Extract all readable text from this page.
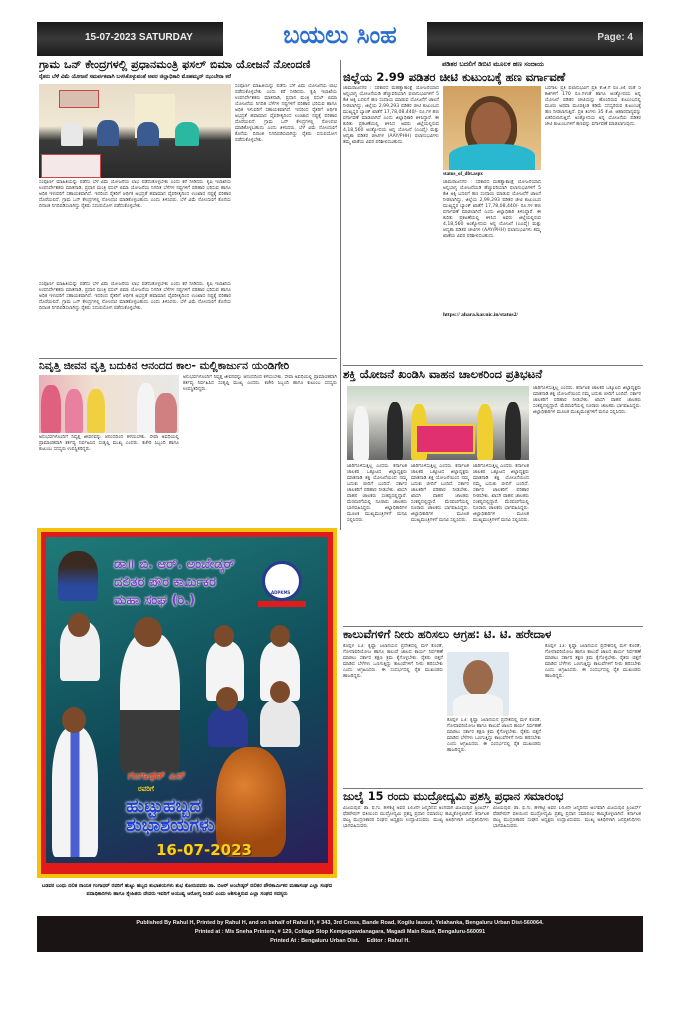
15-07-2023 SATURDAY	ಬಯಲು ಸಿಂಹ	Page: 4
ಗ್ರಾಮ ಒನ್ ಕೇಂದ್ರಗಳಲ್ಲಿ ಪ್ರಧಾನಮಂತ್ರಿ ಫಸಲ್ ಬಿಮಾ ಯೋಜನೆ ನೋಂದಣಿ
ರೈತರು ಬೆಳೆ ವಿಮೆ ಯೋಜನೆ ಸಮರ್ಪಕವಾಗಿ ಬಳಸಿಕೊಳ್ಳುವಂತೆ ಅಪರ ಜಿಲ್ಲಾಧಿಕಾರಿ ಮೊಹಮ್ಮದ್ ಝುಬೇರಾ ಕರೆ
ಸಂಪೂರ್ಣ ಮಾಹಿತಿಯನ್ನು ಪಡೆದು ಬೆಳೆ ವಿಮೆ ಯೋಜನೆಯ ಲಾಭ ಪಡೆದುಕೊಳ್ಳಬೇಕು ಎಂದು ಕರೆ ನೀಡಿದರು. ಕೃಷಿ ಇಲಾಖೆಯ ಉಪನಿರ್ದೇಶಕರು ಮಾತನಾಡಿ, ಪ್ರಧಾನ ಮಂತ್ರಿ ಫಸಲ್ ಬಿಮಾ ಯೋಜನೆಯ ನಿಗದಿತ ಬೆಳೆಗಳ ನಷ್ಟಗಳಿಗೆ ಪರಿಹಾರ ಭರಿಸುವ ಹಾಗೂ ಅಧಿಕ ಇಳುವರಿಗೆ ಸಹಾಯಕವಾಗಿದೆ. ಇದರಿಂದ ರೈತರಿಗೆ ಆರ್ಥಿಕ ಅಭದ್ರತೆ ಹವಾಮಾನ ವೈಪರೀತ್ಯದಿಂದ ಉಂಟಾದ ನಷ್ಟಕ್ಕೆ ಪರಿಹಾರ ದೊರೆಯಲಿದೆ. ಗ್ರಾಮ ಒನ್ ಕೇಂದ್ರಗಳಲ್ಲಿ ನೋಂದಣಿ ಮಾಡಿಕೊಳ್ಳಬಹುದು ಎಂದು ತಿಳಿಸಿದರು. ಬೆಳೆ ವಿಮೆ ನೋಂದಣಿಗೆ ಕೊನೆಯ ದಿನಾಂಕ ನಿಗದಿಪಡಿಸಲಾಗಿದ್ದು ರೈತರು ಸದುಪಯೋಗ ಪಡೆದುಕೊಳ್ಳಬೇಕು.
ಸಂಪೂರ್ಣ ಮಾಹಿತಿಯನ್ನು ಪಡೆದು ಬೆಳೆ ವಿಮೆ ಯೋಜನೆಯ ಲಾಭ ಪಡೆದುಕೊಳ್ಳಬೇಕು ಎಂದು ಕರೆ ನೀಡಿದರು. ಕೃಷಿ ಇಲಾಖೆಯ ಉಪನಿರ್ದೇಶಕರು ಮಾತನಾಡಿ, ಪ್ರಧಾನ ಮಂತ್ರಿ ಫಸಲ್ ಬಿಮಾ ಯೋಜನೆಯ ನಿಗದಿತ ಬೆಳೆಗಳ ನಷ್ಟಗಳಿಗೆ ಪರಿಹಾರ ಭರಿಸುವ ಹಾಗೂ ಅಧಿಕ ಇಳುವರಿಗೆ ಸಹಾಯಕವಾಗಿದೆ. ಇದರಿಂದ ರೈತರಿಗೆ ಆರ್ಥಿಕ ಅಭದ್ರತೆ ಹವಾಮಾನ ವೈಪರೀತ್ಯದಿಂದ ಉಂಟಾದ ನಷ್ಟಕ್ಕೆ ಪರಿಹಾರ ದೊರೆಯಲಿದೆ. ಗ್ರಾಮ ಒನ್ ಕೇಂದ್ರಗಳಲ್ಲಿ ನೋಂದಣಿ ಮಾಡಿಕೊಳ್ಳಬಹುದು ಎಂದು ತಿಳಿಸಿದರು. ಬೆಳೆ ವಿಮೆ ನೋಂದಣಿಗೆ ಕೊನೆಯ ದಿನಾಂಕ ನಿಗದಿಪಡಿಸಲಾಗಿದ್ದು ರೈತರು ಸದುಪಯೋಗ ಪಡೆದುಕೊಳ್ಳಬೇಕು.
ಸಂಪೂರ್ಣ ಮಾಹಿತಿಯನ್ನು ಪಡೆದು ಬೆಳೆ ವಿಮೆ ಯೋಜನೆಯ ಲಾಭ ಪಡೆದುಕೊಳ್ಳಬೇಕು ಎಂದು ಕರೆ ನೀಡಿದರು. ಕೃಷಿ ಇಲಾಖೆಯ ಉಪನಿರ್ದೇಶಕರು ಮಾತನಾಡಿ, ಪ್ರಧಾನ ಮಂತ್ರಿ ಫಸಲ್ ಬಿಮಾ ಯೋಜನೆಯ ನಿಗದಿತ ಬೆಳೆಗಳ ನಷ್ಟಗಳಿಗೆ ಪರಿಹಾರ ಭರಿಸುವ ಹಾಗೂ ಅಧಿಕ ಇಳುವರಿಗೆ ಸಹಾಯಕವಾಗಿದೆ. ಇದರಿಂದ ರೈತರಿಗೆ ಆರ್ಥಿಕ ಅಭದ್ರತೆ ಹವಾಮಾನ ವೈಪರೀತ್ಯದಿಂದ ಉಂಟಾದ ನಷ್ಟಕ್ಕೆ ಪರಿಹಾರ ದೊರೆಯಲಿದೆ. ಗ್ರಾಮ ಒನ್ ಕೇಂದ್ರಗಳಲ್ಲಿ ನೋಂದಣಿ ಮಾಡಿಕೊಳ್ಳಬಹುದು ಎಂದು ತಿಳಿಸಿದರು. ಬೆಳೆ ವಿಮೆ ನೋಂದಣಿಗೆ ಕೊನೆಯ ದಿನಾಂಕ ನಿಗದಿಪಡಿಸಲಾಗಿದ್ದು ರೈತರು ಸದುಪಯೋಗ ಪಡೆದುಕೊಳ್ಳಬೇಕು.
ನಿವೃತ್ತಿ ಜೀವನ ವೃತ್ತಿ ಬದುಕಿನ ಆನಂದದ ಕಾಲ- ಮಲ್ಲಿಕಾರ್ಜುನ ಯಂಡಿಗೇರಿ
ಅನುಭವಗಳೊಂದಿಗೆ ನಿವೃತ್ತ ಜೀವನವನ್ನು ಆನಂದದಿಂದ ಕಳೆಯಬೇಕು. ಸೇವಾ ಅವಧಿಯಲ್ಲಿ ಪ್ರಾಮಾಣಿಕವಾಗಿ ಕರ್ತವ್ಯ ನಿರ್ವಹಿಸಿದ ಸಂತೃಪ್ತಿ ಮುಖ್ಯ ಎಂದರು. ಕಚೇರಿ ಸಿಬ್ಬಂದಿ ಹಾಗೂ ಕುಟುಂಬ ಸದಸ್ಯರು ಉಪಸ್ಥಿತರಿದ್ದರು.
ಅನುಭವಗಳೊಂದಿಗೆ ನಿವೃತ್ತ ಜೀವನವನ್ನು ಆನಂದದಿಂದ ಕಳೆಯಬೇಕು. ಸೇವಾ ಅವಧಿಯಲ್ಲಿ ಪ್ರಾಮಾಣಿಕವಾಗಿ ಕರ್ತವ್ಯ ನಿರ್ವಹಿಸಿದ ಸಂತೃಪ್ತಿ ಮುಖ್ಯ ಎಂದರು. ಕಚೇರಿ ಸಿಬ್ಬಂದಿ ಹಾಗೂ ಕುಟುಂಬ ಸದಸ್ಯರು ಉಪಸ್ಥಿತರಿದ್ದರು.
ಡಾ॥ ಬಿ. ಆರ್. ಅಂಬೇಡ್ಕರ್
ದಲಿತರ ಪೌರ ಕಾರ್ಮಿಕರ
ಮಹಾ ಸಂಘ (ರಿ.)
ADPKMS
ಗಂಗಾಧರ್ ಎನ್
ರವರಿಗೆ
ಹುಟ್ಟುಹಬ್ಬದ ಶುಭಾಶಯಗಳು
16-07-2023
ಬಡವರ ಬಂಧು ದಲಿತ ನಾಯಕ ಗಂಗಾಧರ್ ರವರಿಗೆ ಹುಟ್ಟು ಹಬ್ಬದ ಶುಭಾಶಯಗಳು ಶುಭ ಕೋರುವವರು ಡಾ. ಬಿಆರ್ ಅಂಬೇಡ್ಕರ್ ದಲಿತರ ಪೌರಕಾರ್ಮಿಕರ ಮಹಾಸಂಘ ಎಲ್ಲಾ ಸಂಘದ ಪದಾಧಿಕಾರಿಗಳು ಹಾಗೂ ಸ್ನೇಹಿತರು ದೇವರು ಇವರಿಗೆ ಆಯುಷ್ಯ ಆರೋಗ್ಯ ನೀಡಲಿ ಎಂದು ಆಶಿಸುತ್ತಿರುವ ಎಲ್ಲಾ ಸಂಘದ ಸದಸ್ಯರು
ಪಡಿತರ ಬದಲಿಗೆ ಡಿಬಿಟಿ ಮೂಲಕ ಹಣ ಸಂದಾಯ
ಜಿಲ್ಲೆಯ 2.99 ಪಡಿತರ ಚೀಟಿ ಕುಟುಂಬಕ್ಕೆ ಹಣ ವರ್ಗಾವಣೆ
ಚಾಮರಾಜನಗರ : ಸರಕಾರದ ಮಹತ್ವಾಕಾಂಕ್ಷೆ ಯೋಜನೆಯಾದ ಅನ್ನಭಾಗ್ಯ ಯೋಜನೆಯಡಿ ಹೆಚ್ಚುವರಿಯಾಗಿ ಫಲಾನುಭವಿಗಳಿಗೆ 5 ಕೆಜಿ ಅಕ್ಕಿ ಬದಲಿಗೆ ಹಣ ಸಂದಾಯ ಮಾಡುವ ಯೋಜನೆಗೆ ಚಾಲನೆ ನೀಡಲಾಗಿದ್ದು, ಜಿಲ್ಲೆಯ 2,99,293 ಪಡಿತರ ಚೀಟಿ ಕುಟುಂಬದ ಮುಖ್ಯಸ್ಥರ ಬ್ಯಾಂಕ್ ಖಾತೆಗೆ 17,78,08,440/- ರೂ.ಗಳ ಹಣ ವರ್ಗಾವಣೆ ಮಾಡಲಾಗಿದೆ ಎಂದು ಜಿಲ್ಲಾಧಿಕಾರಿ ತಿಳಿಸಿದ್ದಾರೆ. ಈ ಕುರಿತು ಪ್ರಕಟಣೆಯಲ್ಲಿ ತಿಳಿಸಿದ ಅವರು ಜಿಲ್ಲೆಯಲ್ಲಿರುವ 4,18,560 ಅಂತ್ಯೋದಯ ಅನ್ನ ಯೋಜನೆ (ಎಎವೈ) ಮತ್ತು ಆದ್ಯತಾ ಪಡಿತರ ಚೀಟಿಗಳ (AAY/PHH) ಫಲಾನುಭವಿಗಳು ತಮ್ಮ ಖಾತೆಯ ವಿವರ ಪರಿಶೀಲಿಸಬಹುದು.
status_of_dbt.aspx
ಚಾಮರಾಜನಗರ : ಸರಕಾರದ ಮಹತ್ವಾಕಾಂಕ್ಷೆ ಯೋಜನೆಯಾದ ಅನ್ನಭಾಗ್ಯ ಯೋಜನೆಯಡಿ ಹೆಚ್ಚುವರಿಯಾಗಿ ಫಲಾನುಭವಿಗಳಿಗೆ 5 ಕೆಜಿ ಅಕ್ಕಿ ಬದಲಿಗೆ ಹಣ ಸಂದಾಯ ಮಾಡುವ ಯೋಜನೆಗೆ ಚಾಲನೆ ನೀಡಲಾಗಿದ್ದು, ಜಿಲ್ಲೆಯ 2,99,293 ಪಡಿತರ ಚೀಟಿ ಕುಟುಂಬದ ಮುಖ್ಯಸ್ಥರ ಬ್ಯಾಂಕ್ ಖಾತೆಗೆ 17,78,08,440/- ರೂ.ಗಳ ಹಣ ವರ್ಗಾವಣೆ ಮಾಡಲಾಗಿದೆ ಎಂದು ಜಿಲ್ಲಾಧಿಕಾರಿ ತಿಳಿಸಿದ್ದಾರೆ. ಈ ಕುರಿತು ಪ್ರಕಟಣೆಯಲ್ಲಿ ತಿಳಿಸಿದ ಅವರು ಜಿಲ್ಲೆಯಲ್ಲಿರುವ 4,18,560 ಅಂತ್ಯೋದಯ ಅನ್ನ ಯೋಜನೆ (ಎಎವೈ) ಮತ್ತು ಆದ್ಯತಾ ಪಡಿತರ ಚೀಟಿಗಳ (AAY/PHH) ಫಲಾನುಭವಿಗಳು ತಮ್ಮ ಖಾತೆಯ ವಿವರ ಪರಿಶೀಲಿಸಬಹುದು.
https:// ahara.kar.nic.in/status2/
ಬರಗಾಲ ಪ್ರತಿ ಫಲಾನುಭವಿಗೆ ಪ್ರತಿ ಕೆ.ಜಿ.ಗೆ ರೂ.34 ರಂತೆ 5 ಕಜಿಗಳಿಗೆ 170 ರೂ.ಗಳಂತೆ ಹಾಗೂ ಅಂತ್ಯೋದಯ ಅನ್ನ ಯೋಜನೆ ಪಡಿತರ ಚೀಟಿಯನ್ನು ಹೊಂದಿರುವ ಕುಟುಂಬದಲ್ಲಿ ಮೂರು ಅಥವಾ ಮೂರಕ್ಕಿಂತ ಕಡಿಮೆ ಸದಸ್ಯರಿರುವ ಕುಟುಂಬಕ್ಕೆ ಹಣ ನೀಡಲಾಗುತ್ತಿದೆ. ಪ್ರತಿ ತಿಂಗಳು 35 ಕೆ.ಜಿ. ಆಹಾರಧಾನ್ಯವನ್ನು ವಿತರಿಸಲಾಗುತ್ತಿದೆ. ಅಂತ್ಯೋದಯ ಅನ್ನ ಯೋಜನೆಯ ಪಡಿತರ ಚೀಟಿ ಕುಟುಂಬಗಳಿಗೆ ಹಣವನ್ನು ವರ್ಗಾವಣೆ ಮಾಡಲಾಗುವುದು.
ಶಕ್ತಿ ಯೋಜನೆ ಖಂಡಿಸಿ ವಾಹನ ಚಾಲಕರಿಂದ ಪ್ರತಿಭಟನೆ
ಜಾರಿಗೊಳಿಸುತ್ತಿಲ್ಲ ಎಂದರು. ಕರ್ನಾಟಕ ಚಾಲಕರ ಒಕ್ಕೂಟದ ಜಿಲ್ಲಾಧ್ಯಕ್ಷರು ಮಾತನಾಡಿ ಶಕ್ತಿ ಯೋಜನೆಯಿಂದ ನಮ್ಮ ಬದುಕು ಬೀದಿಗೆ ಬಂದಿದೆ. ಸರ್ಕಾರ ಚಾಲಕರಿಗೆ ಪರಿಹಾರ ನೀಡಬೇಕು. ಖಾಸಗಿ ವಾಹನ ಚಾಲಕರು ಸಂಕಷ್ಟದಲ್ಲಿದ್ದಾರೆ. ಮೆರವಣಿಗೆಯಲ್ಲಿ ನೂರಾರು ಚಾಲಕರು ಭಾಗವಹಿಸಿದ್ದರು. ಜಿಲ್ಲಾಧಿಕಾರಿಗಳ ಮೂಲಕ ಮುಖ್ಯಮಂತ್ರಿಗಳಿಗೆ ಮನವಿ ಸಲ್ಲಿಸಿದರು.
ಜಾರಿಗೊಳಿಸುತ್ತಿಲ್ಲ ಎಂದರು. ಕರ್ನಾಟಕ ಚಾಲಕರ ಒಕ್ಕೂಟದ ಜಿಲ್ಲಾಧ್ಯಕ್ಷರು ಮಾತನಾಡಿ ಶಕ್ತಿ ಯೋಜನೆಯಿಂದ ನಮ್ಮ ಬದುಕು ಬೀದಿಗೆ ಬಂದಿದೆ. ಸರ್ಕಾರ ಚಾಲಕರಿಗೆ ಪರಿಹಾರ ನೀಡಬೇಕು. ಖಾಸಗಿ ವಾಹನ ಚಾಲಕರು ಸಂಕಷ್ಟದಲ್ಲಿದ್ದಾರೆ. ಮೆರವಣಿಗೆಯಲ್ಲಿ ನೂರಾರು ಚಾಲಕರು ಭಾಗವಹಿಸಿದ್ದರು. ಜಿಲ್ಲಾಧಿಕಾರಿಗಳ ಮೂಲಕ ಮುಖ್ಯಮಂತ್ರಿಗಳಿಗೆ ಮನವಿ ಸಲ್ಲಿಸಿದರು.
ಜಾರಿಗೊಳಿಸುತ್ತಿಲ್ಲ ಎಂದರು. ಕರ್ನಾಟಕ ಚಾಲಕರ ಒಕ್ಕೂಟದ ಜಿಲ್ಲಾಧ್ಯಕ್ಷರು ಮಾತನಾಡಿ ಶಕ್ತಿ ಯೋಜನೆಯಿಂದ ನಮ್ಮ ಬದುಕು ಬೀದಿಗೆ ಬಂದಿದೆ. ಸರ್ಕಾರ ಚಾಲಕರಿಗೆ ಪರಿಹಾರ ನೀಡಬೇಕು. ಖಾಸಗಿ ವಾಹನ ಚಾಲಕರು ಸಂಕಷ್ಟದಲ್ಲಿದ್ದಾರೆ. ಮೆರವಣಿಗೆಯಲ್ಲಿ ನೂರಾರು ಚಾಲಕರು ಭಾಗವಹಿಸಿದ್ದರು. ಜಿಲ್ಲಾಧಿಕಾರಿಗಳ ಮೂಲಕ ಮುಖ್ಯಮಂತ್ರಿಗಳಿಗೆ ಮನವಿ ಸಲ್ಲಿಸಿದರು.
ಜಾರಿಗೊಳಿಸುತ್ತಿಲ್ಲ ಎಂದರು. ಕರ್ನಾಟಕ ಚಾಲಕರ ಒಕ್ಕೂಟದ ಜಿಲ್ಲಾಧ್ಯಕ್ಷರು ಮಾತನಾಡಿ ಶಕ್ತಿ ಯೋಜನೆಯಿಂದ ನಮ್ಮ ಬದುಕು ಬೀದಿಗೆ ಬಂದಿದೆ. ಸರ್ಕಾರ ಚಾಲಕರಿಗೆ ಪರಿಹಾರ ನೀಡಬೇಕು. ಖಾಸಗಿ ವಾಹನ ಚಾಲಕರು ಸಂಕಷ್ಟದಲ್ಲಿದ್ದಾರೆ. ಮೆರವಣಿಗೆಯಲ್ಲಿ ನೂರಾರು ಚಾಲಕರು ಭಾಗವಹಿಸಿದ್ದರು. ಜಿಲ್ಲಾಧಿಕಾರಿಗಳ ಮೂಲಕ ಮುಖ್ಯಮಂತ್ರಿಗಳಿಗೆ ಮನವಿ ಸಲ್ಲಿಸಿದರು.
ಕಾಲುವೆಗಳಿಗೆ ನೀರು ಹರಿಸಲು ಆಗ್ರಹ: ಟಿ. ಟಿ. ಹರೇದಾಳ
ಕೊಪ್ಪಳ 13: ಕೃಷ್ಣಾ ಜಲಾನಯನ ಪ್ರದೇಶದಲ್ಲಿ ಮಳೆ ಕೊರತೆ, ಗೋದಾವರಿಯೋಜ ಹಾಗೂ ಕಾಲುವೆ ಜಾಲದ ಕಾರ್ಯ ನಿರ್ವಹಣೆ ಮಾಡಲು ಸರ್ಕಾರ ತಕ್ಷಣ ಕ್ರಮ ಕೈಗೊಳ್ಳಬೇಕು. ರೈತರು ಬಿತ್ತನೆ ಮಾಡಿದ ಬೆಳೆಗಳು ಒಣಗುತ್ತಿದ್ದು ಕಾಲುವೆಗಳಿಗೆ ನೀರು ಹರಿಸಬೇಕು ಎಂದು ಆಗ್ರಹಿಸಿದರು. ಈ ಸಂದರ್ಭದಲ್ಲಿ ರೈತ ಮುಖಂಡರು ಹಾಜರಿದ್ದರು.
ಕೊಪ್ಪಳ 13: ಕೃಷ್ಣಾ ಜಲಾನಯನ ಪ್ರದೇಶದಲ್ಲಿ ಮಳೆ ಕೊರತೆ, ಗೋದಾವರಿಯೋಜ ಹಾಗೂ ಕಾಲುವೆ ಜಾಲದ ಕಾರ್ಯ ನಿರ್ವಹಣೆ ಮಾಡಲು ಸರ್ಕಾರ ತಕ್ಷಣ ಕ್ರಮ ಕೈಗೊಳ್ಳಬೇಕು. ರೈತರು ಬಿತ್ತನೆ ಮಾಡಿದ ಬೆಳೆಗಳು ಒಣಗುತ್ತಿದ್ದು ಕಾಲುವೆಗಳಿಗೆ ನೀರು ಹರಿಸಬೇಕು ಎಂದು ಆಗ್ರಹಿಸಿದರು. ಈ ಸಂದರ್ಭದಲ್ಲಿ ರೈತ ಮುಖಂಡರು ಹಾಜರಿದ್ದರು.
ಕೊಪ್ಪಳ 13: ಕೃಷ್ಣಾ ಜಲಾನಯನ ಪ್ರದೇಶದಲ್ಲಿ ಮಳೆ ಕೊರತೆ, ಗೋದಾವರಿಯೋಜ ಹಾಗೂ ಕಾಲುವೆ ಜಾಲದ ಕಾರ್ಯ ನಿರ್ವಹಣೆ ಮಾಡಲು ಸರ್ಕಾರ ತಕ್ಷಣ ಕ್ರಮ ಕೈಗೊಳ್ಳಬೇಕು. ರೈತರು ಬಿತ್ತನೆ ಮಾಡಿದ ಬೆಳೆಗಳು ಒಣಗುತ್ತಿದ್ದು ಕಾಲುವೆಗಳಿಗೆ ನೀರು ಹರಿಸಬೇಕು ಎಂದು ಆಗ್ರಹಿಸಿದರು. ಈ ಸಂದರ್ಭದಲ್ಲಿ ರೈತ ಮುಖಂಡರು ಹಾಜರಿದ್ದರು.
ಜುಲೈ 15 ರಂದು ಮುದ್ರೋದ್ಯಮಿ ಪ್ರಶಸ್ತಿ ಪ್ರಧಾನ ಸಮಾರಂಭ
ವಿಜಯಪುರ: ಡಾ. ಫ.ಗು. ಹಳಕಟ್ಟಿ ಅವರ 143ನೇ ಜನ್ಮದಿನದ ಅಂಗವಾಗಿ ವಿಜಯಪುರ ಪ್ರಿಂಟರ್ಸ್ ಫೆಡರೇಷನ್ ವತಿಯಿಂದ ಮುದ್ರೋದ್ಯಮಿ ಪ್ರಶಸ್ತಿ ಪ್ರಧಾನ ಸಮಾರಂಭ ಹಮ್ಮಿಕೊಳ್ಳಲಾಗಿದೆ. ಕರ್ನಾಟಕ ರಾಜ್ಯ ಮುದ್ರಣಕಾರರ ಸಂಘದ ಅಧ್ಯಕ್ಷರು ಉದ್ಘಾಟಿಸುವರು. ಮುಖ್ಯ ಅತಿಥಿಗಳಾಗಿ ಜನಪ್ರತಿನಿಧಿಗಳು ಭಾಗವಹಿಸುವರು.
ವಿಜಯಪುರ: ಡಾ. ಫ.ಗು. ಹಳಕಟ್ಟಿ ಅವರ 143ನೇ ಜನ್ಮದಿನದ ಅಂಗವಾಗಿ ವಿಜಯಪುರ ಪ್ರಿಂಟರ್ಸ್ ಫೆಡರೇಷನ್ ವತಿಯಿಂದ ಮುದ್ರೋದ್ಯಮಿ ಪ್ರಶಸ್ತಿ ಪ್ರಧಾನ ಸಮಾರಂಭ ಹಮ್ಮಿಕೊಳ್ಳಲಾಗಿದೆ. ಕರ್ನಾಟಕ ರಾಜ್ಯ ಮುದ್ರಣಕಾರರ ಸಂಘದ ಅಧ್ಯಕ್ಷರು ಉದ್ಘಾಟಿಸುವರು. ಮುಖ್ಯ ಅತಿಥಿಗಳಾಗಿ ಜನಪ್ರತಿನಿಧಿಗಳು ಭಾಗವಹಿಸುವರು.
Published By Rahul H, Printed by Rahul H, and on behalf of Rahul H, # 343, 3rd Cross, Bande Road, Kogilu lauout, Yelahanka, Bengaluru Urban Dist-560064.
Printed at : M/s Sneha Printers, # 129, Collage Stop Kempegowdanagara, Magadi Main Road, Bengaluru-560091
Printed At : Bengaluru Urban Dist.     Editor : Rahul H.
